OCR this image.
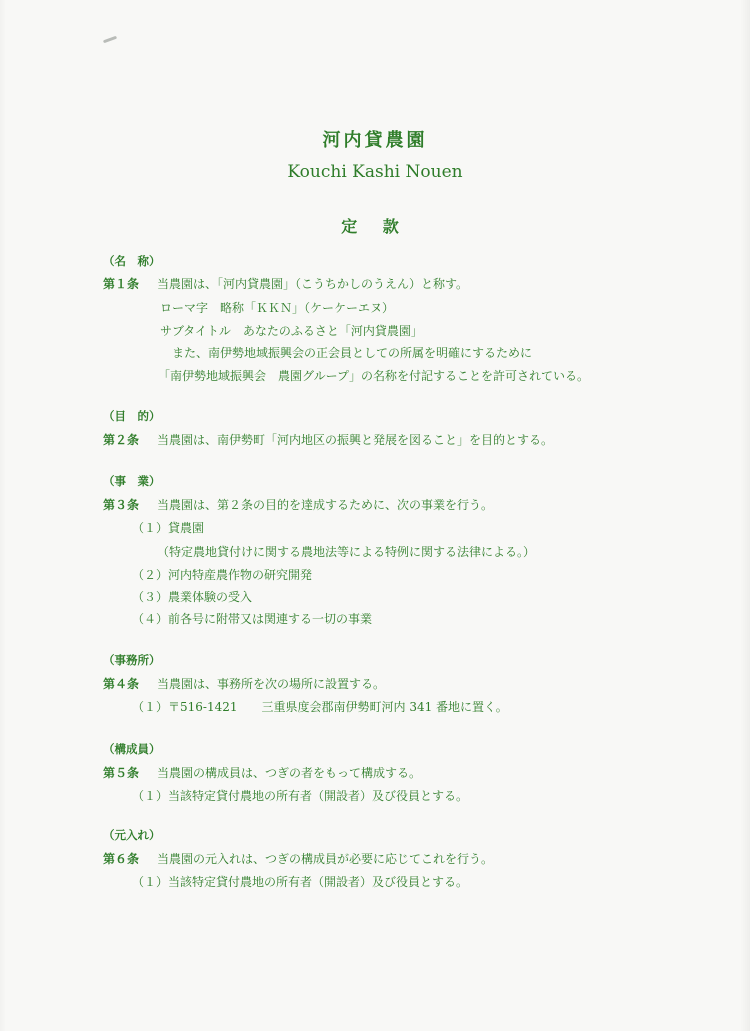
河内貸農園
Kouchi Kashi Nouen
定 款
（名　称）
第１条 当農園は、「河内貸農園」（こうちかしのうえん）と称す。
ローマ字　略称「ＫＫＮ」（ケーケーエヌ）
サブタイトル　あなたのふるさと「河内貸農園」
また、南伊勢地域振興会の正会員としての所属を明確にするために
「南伊勢地域振興会　農園グループ」の名称を付記することを許可されている。
（目　的）
第２条 当農園は、南伊勢町「河内地区の振興と発展を図ること」を目的とする。
（事　業）
第３条 当農園は、第２条の目的を達成するために、次の事業を行う。
（１）貸農園
（特定農地貸付けに関する農地法等による特例に関する法律による。）
（２）河内特産農作物の研究開発
（３）農業体験の受入
（４）前各号に附帯又は関連する一切の事業
（事務所）
第４条 当農園は、事務所を次の場所に設置する。
（１）〒516-1421　　三重県度会郡南伊勢町河内 341 番地に置く。
（構成員）
第５条 当農園の構成員は、つぎの者をもって構成する。
（１）当該特定貸付農地の所有者（開設者）及び役員とする。
（元入れ）
第６条 当農園の元入れは、つぎの構成員が必要に応じてこれを行う。
（１）当該特定貸付農地の所有者（開設者）及び役員とする。
